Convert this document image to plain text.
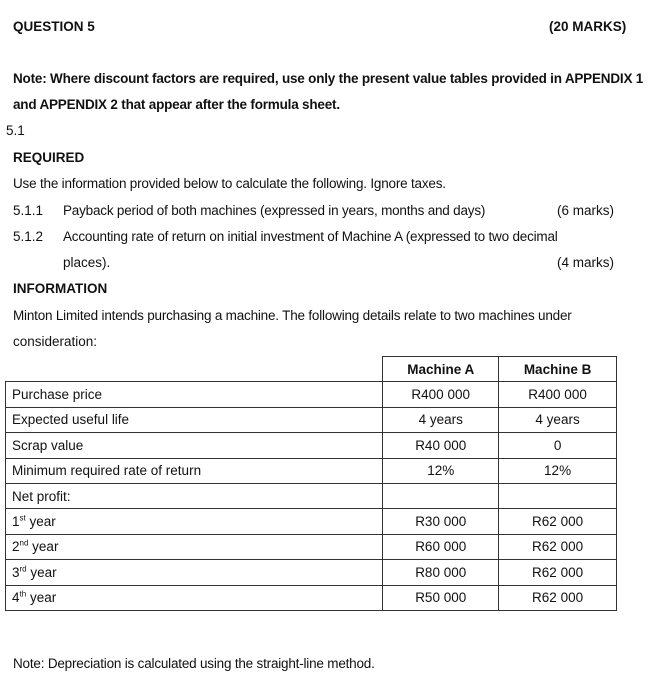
QUESTION 5	(20 MARKS)
Note: Where discount factors are required, use only the present value tables provided in APPENDIX 1
and APPENDIX 2 that appear after the formula sheet.
5.1
REQUIRED
Use the information provided below to calculate the following. Ignore taxes.
5.1.1 Payback period of both machines (expressed in years, months and days)	(6 marks)
5.1.2 Accounting rate of return on initial investment of Machine A (expressed to two decimal
places).	(4 marks)
INFORMATION
Minton Limited intends purchasing a machine. The following details relate to two machines under
consideration:
	Machine A	Machine B
Purchase price	R400 000	R400 000
Expected useful life	4 years	4 years
Scrap value	R40 000	0
Minimum required rate of return	12%	12%
Net profit:		
1st year	R30 000	R62 000
2nd year	R60 000	R62 000
3rd year	R80 000	R62 000
4th year	R50 000	R62 000
Note: Depreciation is calculated using the straight-line method.
